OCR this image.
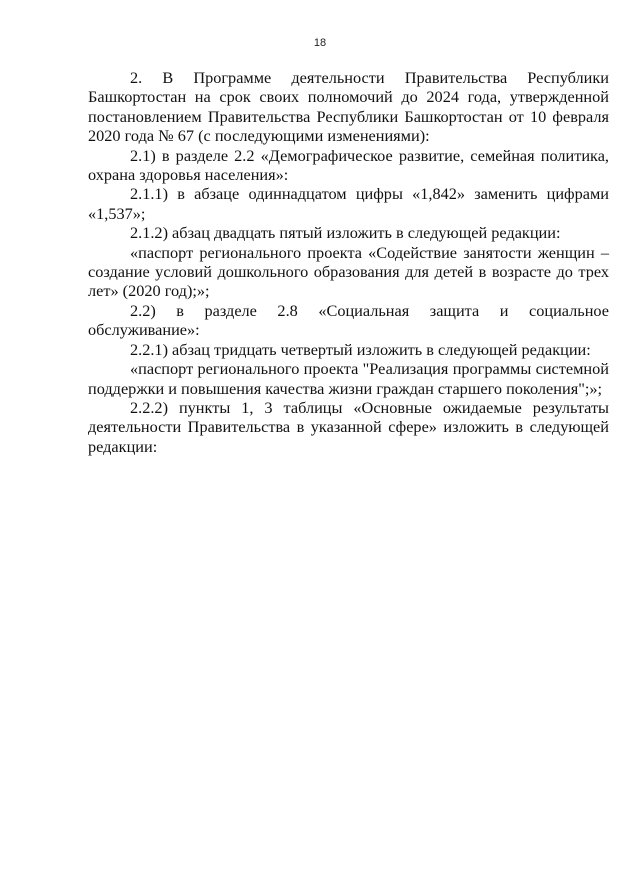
18

2. В Программе деятельности Правительства Республики Башкортостан на срок своих полномочий до 2024 года, утвержденной постановлением Правительства Республики Башкортостан от 10 февраля 2020 года № 67 (с последующими изменениями):

2.1) в разделе 2.2 «Демографическое развитие, семейная политика, охрана здоровья населения»:

2.1.1) в абзаце одиннадцатом цифры «1,842» заменить цифрами «1,537»;

2.1.2) абзац двадцать пятый изложить в следующей редакции:

«паспорт регионального проекта «Содействие занятости женщин – создание условий дошкольного образования для детей в возрасте до трех лет» (2020 год);»;

2.2) в разделе 2.8 «Социальная защита и социальное обслуживание»:

2.2.1) абзац тридцать четвертый изложить в следующей редакции:

«паспорт регионального проекта "Реализация программы системной поддержки и повышения качества жизни граждан старшего поколения";»;

2.2.2) пункты 1, 3 таблицы «Основные ожидаемые результаты деятельности Правительства в указанной сфере» изложить в следующей редакции:
